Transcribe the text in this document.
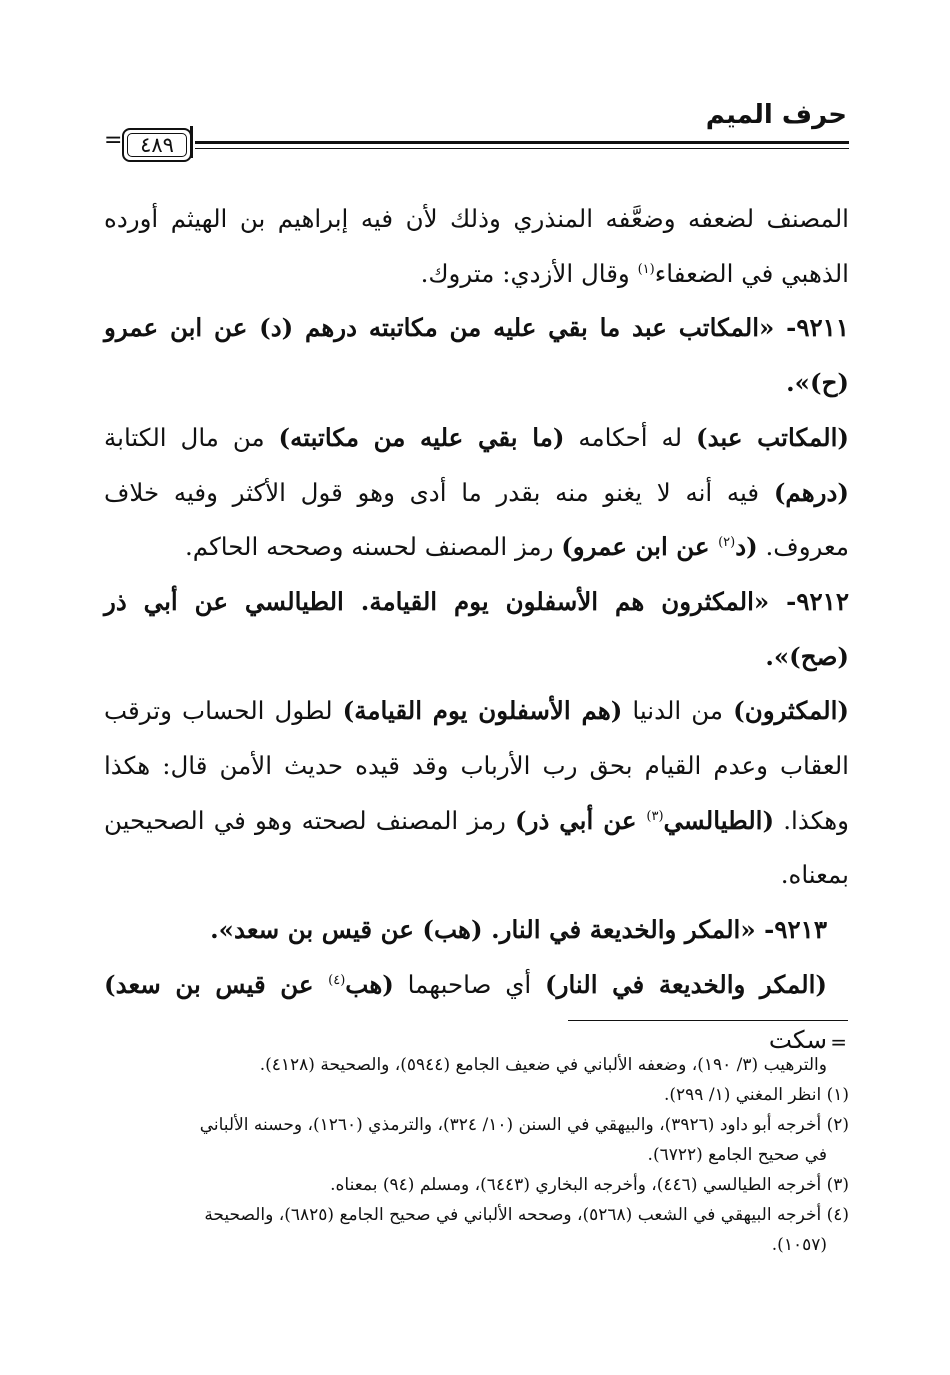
حرف الميم
٤٨٩
=

المصنف لضعفه وضعَّفه المنذري وذلك لأن فيه إبراهيم بن الهيثم أورده الذهبي في الضعفاء$^{(١)}$ وقال الأزدي: متروك.

٩٢١١- «المكاتب عبد ما بقي عليه من مكاتبته درهم (د) عن ابن عمرو (ح)».

(المكاتب عبد) له أحكامه (ما بقي عليه من مكاتبته) من مال الكتابة (درهم) فيه أنه لا يغنو منه بقدر ما أدى وهو قول الأكثر وفيه خلاف معروف. (د$^{(٢)}$ عن ابن عمرو) رمز المصنف لحسنه وصححه الحاكم.

٩٢١٢- «المكثرون هم الأسفلون يوم القيامة. الطيالسي عن أبي ذر (صح)».

(المكثرون) من الدنيا (هم الأسفلون يوم القيامة) لطول الحساب وترقب العقاب وعدم القيام بحق رب الأرباب وقد قيده حديث الأمن قال: هكذا وهكذا. (الطيالسي$^{(٣)}$ عن أبي ذر) رمز المصنف لصحته وهو في الصحيحين بمعناه.

٩٢١٣- «المكر والخديعة في النار. (هب) عن قيس بن سعد».

(المكر والخديعة في النار) أي صاحبهما (هب$^{(٤)}$ عن قيس بن سعد) سكت =

والترهيب (٣/ ١٩٠)، وضعفه الألباني في ضعيف الجامع (٥٩٤٤)، والصحيحة (٤١٢٨).

(١) انظر المغني (١/ ٢٩٩).

(٢) أخرجه أبو داود (٣٩٢٦)، والبيهقي في السنن (١٠/ ٣٢٤)، والترمذي (١٢٦٠)، وحسنه الألباني

في صحيح الجامع (٦٧٢٢).

(٣) أخرجه الطيالسي (٤٤٦)، وأخرجه البخاري (٦٤٤٣)، ومسلم (٩٤) بمعناه.

(٤) أخرجه البيهقي في الشعب (٥٢٦٨)، وصححه الألباني في صحيح الجامع (٦٨٢٥)، والصحيحة

(١٠٥٧).
